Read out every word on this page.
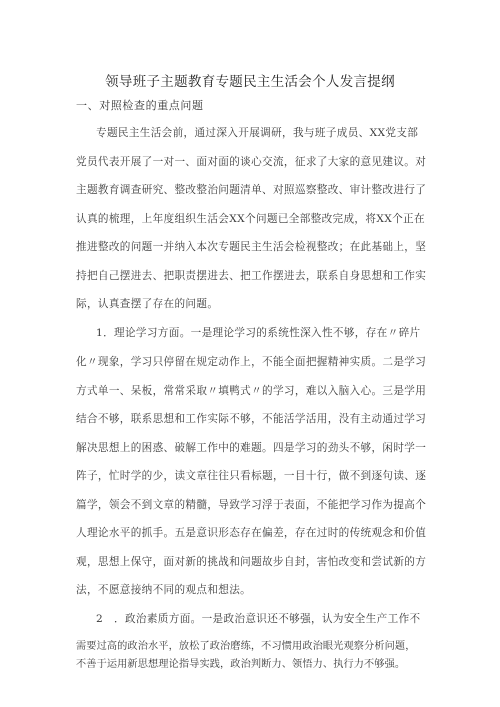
领导班子主题教育专题民主生活会个人发言提纲
一、对照检查的重点问题
专题民主生活会前，通过深入开展调研，我与班子成员、XX党支部
党员代表开展了一对一、面对面的谈心交流，征求了大家的意见建议。对
主题教育调查研究、整改整治问题清单、对照巡察整改、审计整改进行了
认真的梳理，上年度组织生活会XX个问题已全部整改完成，将XX个正在
推进整改的问题一并纳入本次专题民主生活会检视整改；在此基础上，坚
持把自己摆进去、把职责摆进去、把工作摆进去，联系自身思想和工作实
际，认真查摆了存在的问题。
1．理论学习方面。一是理论学习的系统性深入性不够，存在〃碎片
化〃现象，学习只停留在规定动作上，不能全面把握精神实质。二是学习
方式单一、呆板，常常采取〃填鸭式〃的学习，难以入脑入心。三是学用
结合不够，联系思想和工作实际不够，不能活学活用，没有主动通过学习
解决思想上的困惑、破解工作中的难题。四是学习的劲头不够，闲时学一
阵子，忙时学的少，读文章往往只看标题，一目十行，做不到逐句读、逐
篇学，领会不到文章的精髓，导致学习浮于表面，不能把学习作为提高个
人理论水平的抓手。五是意识形态存在偏差，存在过时的传统观念和价值
观，思想上保守，面对新的挑战和问题故步自封，害怕改变和尝试新的方
法，不愿意接纳不同的观点和想法。
2　．政治素质方面。一是政治意识还不够强，认为安全生产工作不
需要过高的政治水平，放松了政治磨练，不习惯用政治眼光观察分析问题，
不善于运用新思想理论指导实践，政治判断力、领悟力、执行力不够强。
